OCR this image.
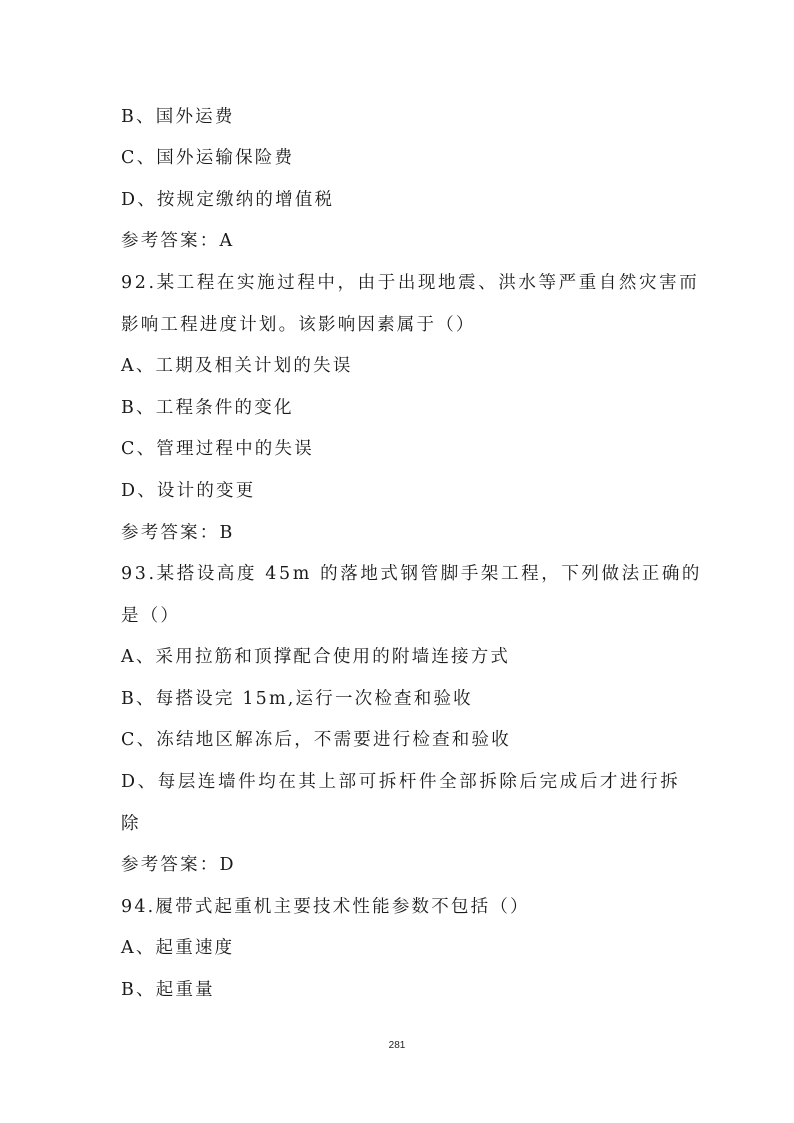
B、国外运费
C、国外运输保险费
D、按规定缴纳的增值税
参考答案：A
92.某工程在实施过程中，由于出现地震、洪水等严重自然灾害而
影响工程进度计划。该影响因素属于（）
A、工期及相关计划的失误
B、工程条件的变化
C、管理过程中的失误
D、设计的变更
参考答案：B
93.某搭设高度 45m 的落地式钢管脚手架工程，下列做法正确的
是（）
A、采用拉筋和顶撑配合使用的附墙连接方式
B、每搭设完 15m,运行一次检查和验收
C、冻结地区解冻后，不需要进行检查和验收
D、每层连墙件均在其上部可拆杆件全部拆除后完成后才进行拆
除
参考答案：D
94.履带式起重机主要技术性能参数不包括（）
A、起重速度
B、起重量
281
